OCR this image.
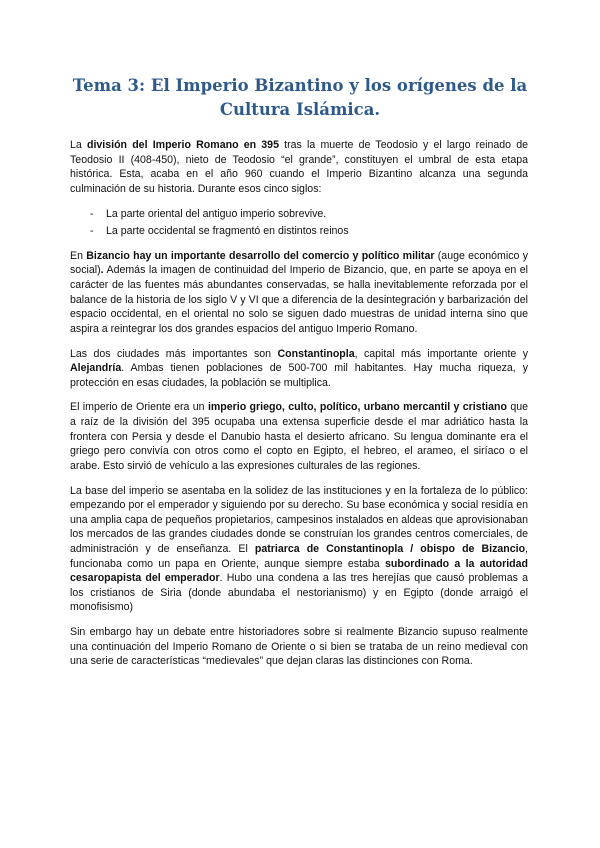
Tema 3: El Imperio Bizantino y los orígenes de la Cultura Islámica.

La división del Imperio Romano en 395 tras la muerte de Teodosio y el largo reinado de Teodosio II (408-450), nieto de Teodosio “el grande”, constituyen el umbral de esta etapa histórica. Esta, acaba en el año 960 cuando el Imperio Bizantino alcanza una segunda culminación de su historia. Durante esos cinco siglos:

- La parte oriental del antiguo imperio sobrevive.
- La parte occidental se fragmentó en distintos reinos

En Bizancio hay un importante desarrollo del comercio y político militar (auge económico y social). Además la imagen de continuidad del Imperio de Bizancio, que, en parte se apoya en el carácter de las fuentes más abundantes conservadas, se halla inevitablemente reforzada por el balance de la historia de los siglo V y VI que a diferencia de la desintegración y barbarización del espacio occidental, en el oriental no solo se siguen dado muestras de unidad interna sino que aspira a reintegrar los dos grandes espacios del antiguo Imperio Romano.

Las dos ciudades más importantes son Constantinopla, capital más importante oriente y Alejandría. Ambas tienen poblaciones de 500-700 mil habitantes. Hay mucha riqueza, y protección en esas ciudades, la población se multiplica.

El imperio de Oriente era un imperio griego, culto, político, urbano mercantil y cristiano que a raíz de la división del 395 ocupaba una extensa superficie desde el mar adriático hasta la frontera con Persia y desde el Danubio hasta el desierto africano. Su lengua dominante era el griego pero convivía con otros como el copto en Egipto, el hebreo, el arameo, el siríaco o el arabe. Esto sirvió de vehículo a las expresiones culturales de las regiones.

La base del imperio se asentaba en la solidez de las instituciones y en la fortaleza de lo público: empezando por el emperador y siguiendo por su derecho. Su base económica y social residía en una amplia capa de pequeños propietarios, campesinos instalados en aldeas que aprovisionaban los mercados de las grandes ciudades donde se construían los grandes centros comerciales, de administración y de enseñanza. El patriarca de Constantinopla / obispo de Bizancio, funcionaba como un papa en Oriente, aunque siempre estaba subordinado a la autoridad cesaropapista del emperador. Hubo una condena a las tres herejías que causó problemas a los cristianos de Siria (donde abundaba el nestorianismo) y en Egipto (donde arraigó el monofisismo)

Sin embargo hay un debate entre historiadores sobre si realmente Bizancio supuso realmente una continuación del Imperio Romano de Oriente o si bien se trataba de un reino medieval con una serie de características “medievales” que dejan claras las distinciones con Roma.
